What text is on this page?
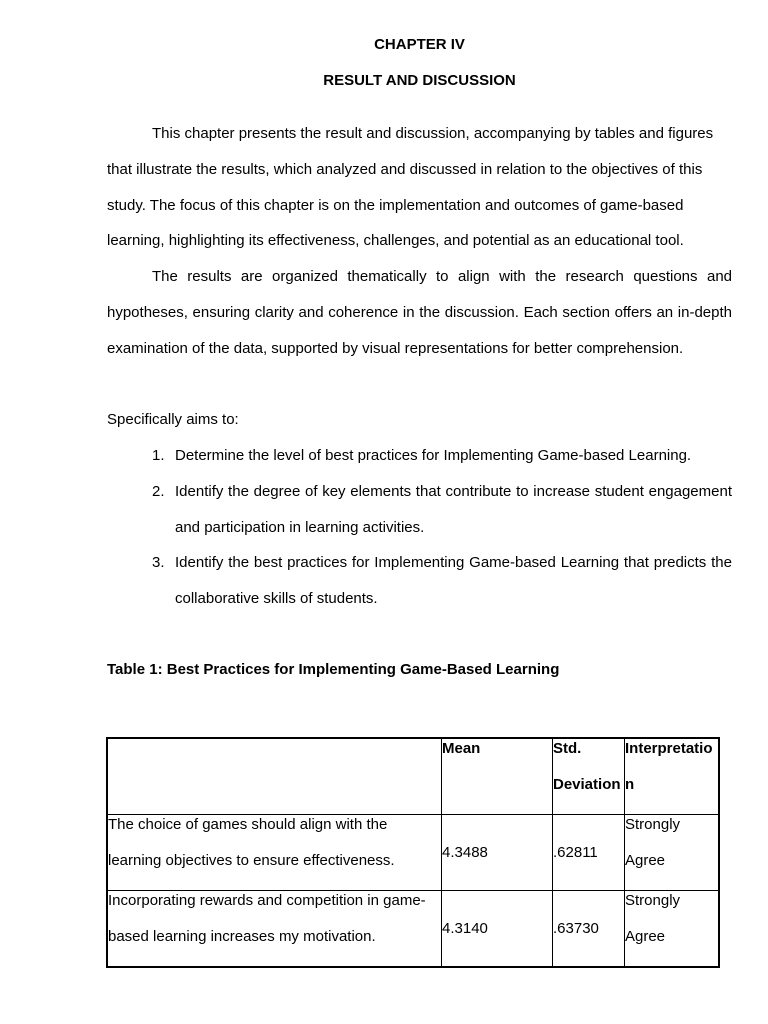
CHAPTER IV
RESULT AND DISCUSSION

This chapter presents the result and discussion, accompanying by tables and figures that illustrate the results, which analyzed and discussed in relation to the objectives of this study. The focus of this chapter is on the implementation and outcomes of game-based learning, highlighting its effectiveness, challenges, and potential as an educational tool.

The results are organized thematically to align with the research questions and hypotheses, ensuring clarity and coherence in the discussion. Each section offers an in-depth examination of the data, supported by visual representations for better comprehension.

Specifically aims to:
1. Determine the level of best practices for Implementing Game-based Learning.
2. Identify the degree of key elements that contribute to increase student engagement and participation in learning activities.
3. Identify the best practices for Implementing Game-based Learning that predicts the collaborative skills of students.
Table 1: Best Practices for Implementing Game-Based Learning

	Mean	Std. Deviation	Interpretation

The choice of games should align with the learning objectives to ensure effectiveness.	4.3488	.62811	Strongly Agree

Incorporating rewards and competition in game-based learning increases my motivation.	4.3140	.63730	Strongly Agree
